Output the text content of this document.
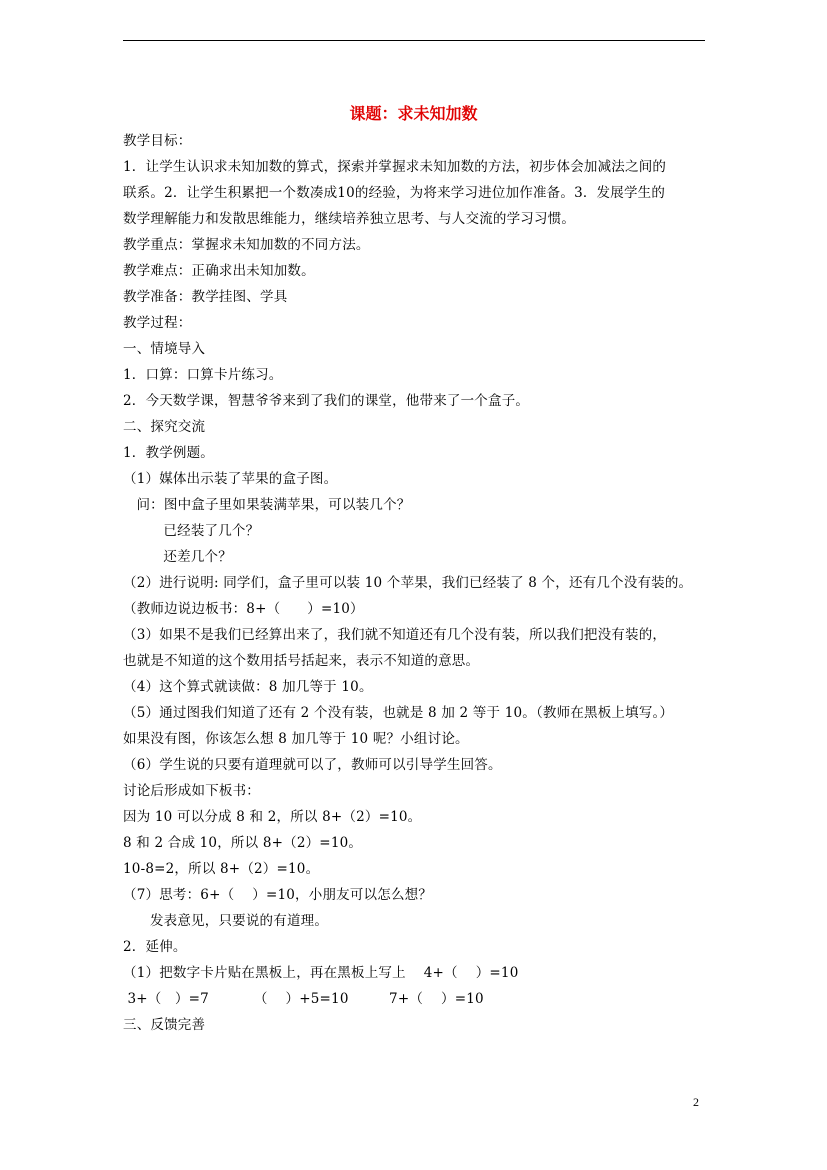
课题：求未知加数
教学目标：
1．让学生认识求未知加数的算式，探索并掌握求未知加数的方法，初步体会加减法之间的
联系。2．让学生积累把一个数凑成10的经验，为将来学习进位加作准备。3．发展学生的
数学理解能力和发散思维能力，继续培养独立思考、与人交流的学习习惯。
教学重点：掌握求未知加数的不同方法。
教学难点：正确求出未知加数。
教学准备：教学挂图、学具
教学过程：
一、情境导入
1．口算：口算卡片练习。
2．今天数学课，智慧爷爷来到了我们的课堂，他带来了一个盒子。
二、探究交流
1．教学例题。
（1）媒体出示装了苹果的盒子图。
问：图中盒子里如果装满苹果，可以装几个？
已经装了几个？
还差几个？
（2）进行说明: 同学们，盒子里可以装 10 个苹果，我们已经装了 8 个，还有几个没有装的。
（教师边说边板书：8+（      ）=10）
（3）如果不是我们已经算出来了，我们就不知道还有几个没有装，所以我们把没有装的，
也就是不知道的这个数用括号括起来，表示不知道的意思。
（4）这个算式就读做：8 加几等于 10。
（5）通过图我们知道了还有 2 个没有装，也就是 8 加 2 等于 10。（教师在黑板上填写。）
如果没有图，你该怎么想 8 加几等于 10 呢？小组讨论。
（6）学生说的只要有道理就可以了，教师可以引导学生回答。
讨论后形成如下板书：
因为 10 可以分成 8 和 2，所以 8+（2）=10。
8 和 2 合成 10，所以 8+（2）=10。
10-8=2，所以 8+（2）=10。
（7）思考：6+（    ）=10，小朋友可以怎么想？
发表意见，只要说的有道理。
2．延伸。
（1）把数字卡片贴在黑板上，再在黑板上写上    4+（    ）=10
3+（   ）=7          （    ）+5=10         7+（    ）=10
三、反馈完善
2
